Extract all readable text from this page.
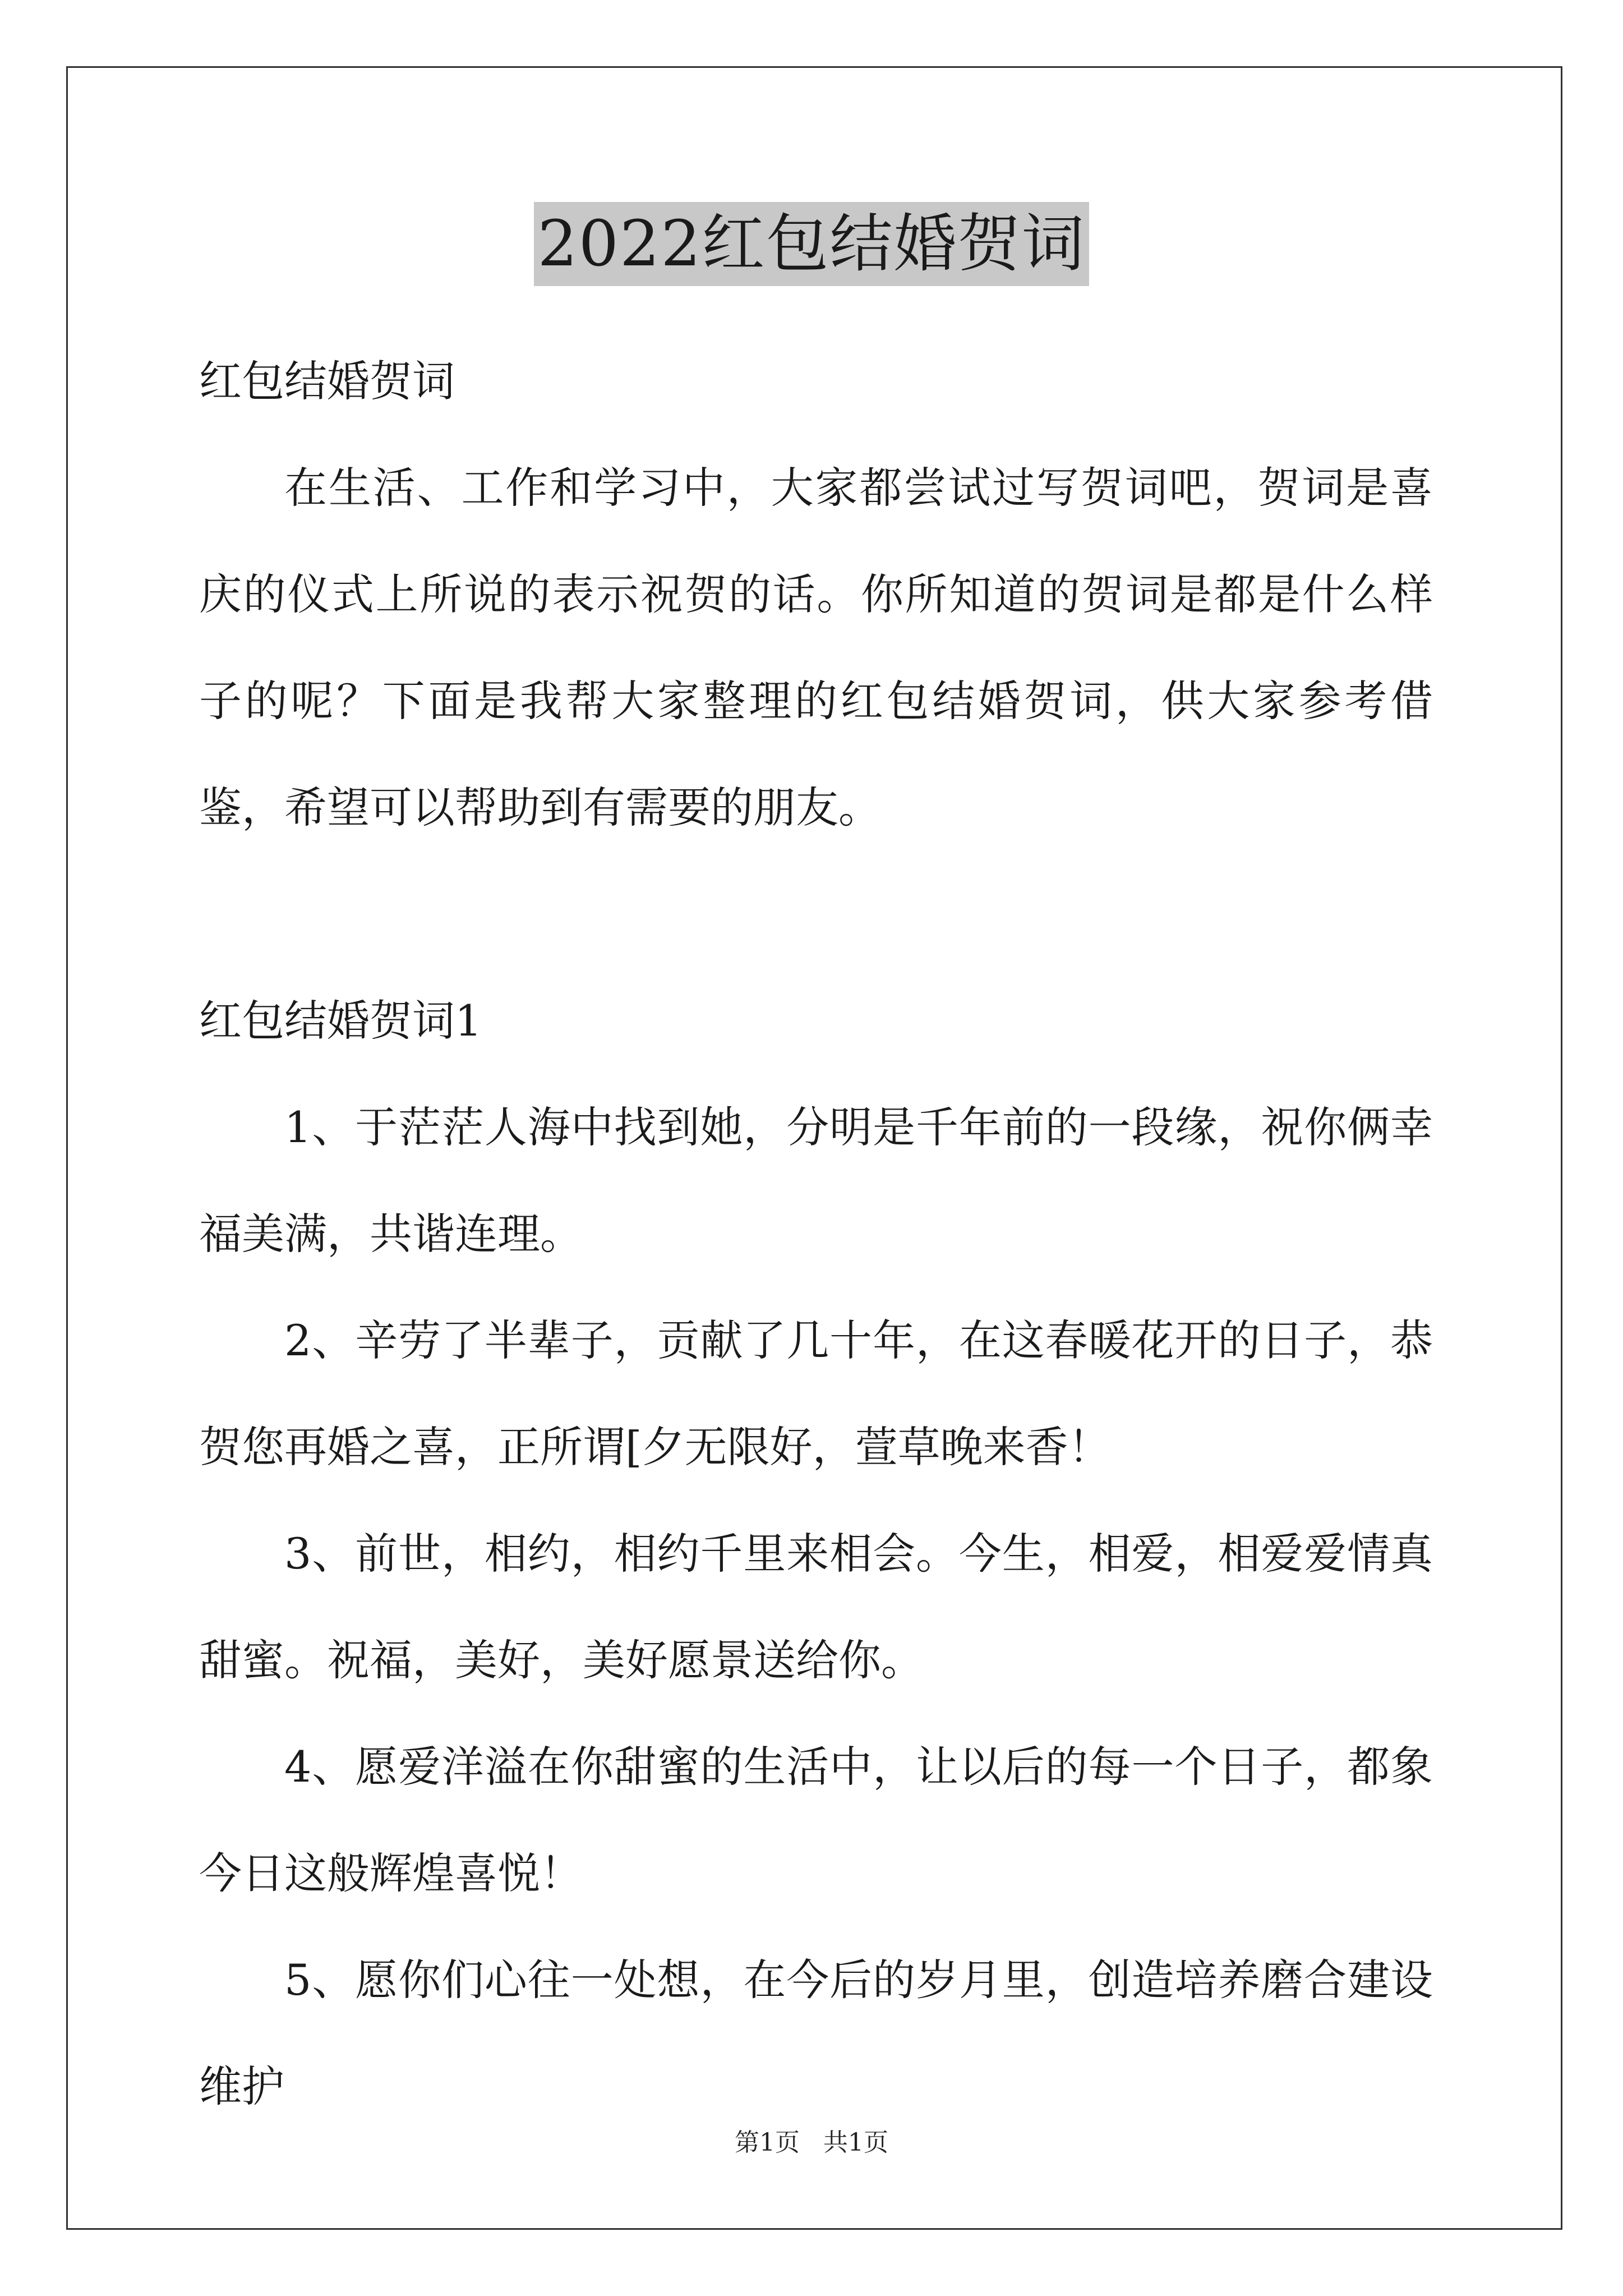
2022红包结婚贺词

红包结婚贺词

在生活、工作和学习中，大家都尝试过写贺词吧，贺词是喜庆的仪式上所说的表示祝贺的话。你所知道的贺词是都是什么样子的呢？下面是我帮大家整理的红包结婚贺词，供大家参考借鉴，希望可以帮助到有需要的朋友。

红包结婚贺词1

1、于茫茫人海中找到她，分明是千年前的一段缘，祝你俩幸福美满，共谐连理。

2、辛劳了半辈子，贡献了几十年，在这春暖花开的日子，恭贺您再婚之喜，正所谓[夕无限好，萱草晚来香！

3、前世，相约，相约千里来相会。今生，相爱，相爱爱情真甜蜜。祝福，美好，美好愿景送给你。

4、愿爱洋溢在你甜蜜的生活中，让以后的每一个日子，都象今日这般辉煌喜悦！

5、愿你们心往一处想，在今后的岁月里，创造培养磨合建设维护

第1页   共1页
